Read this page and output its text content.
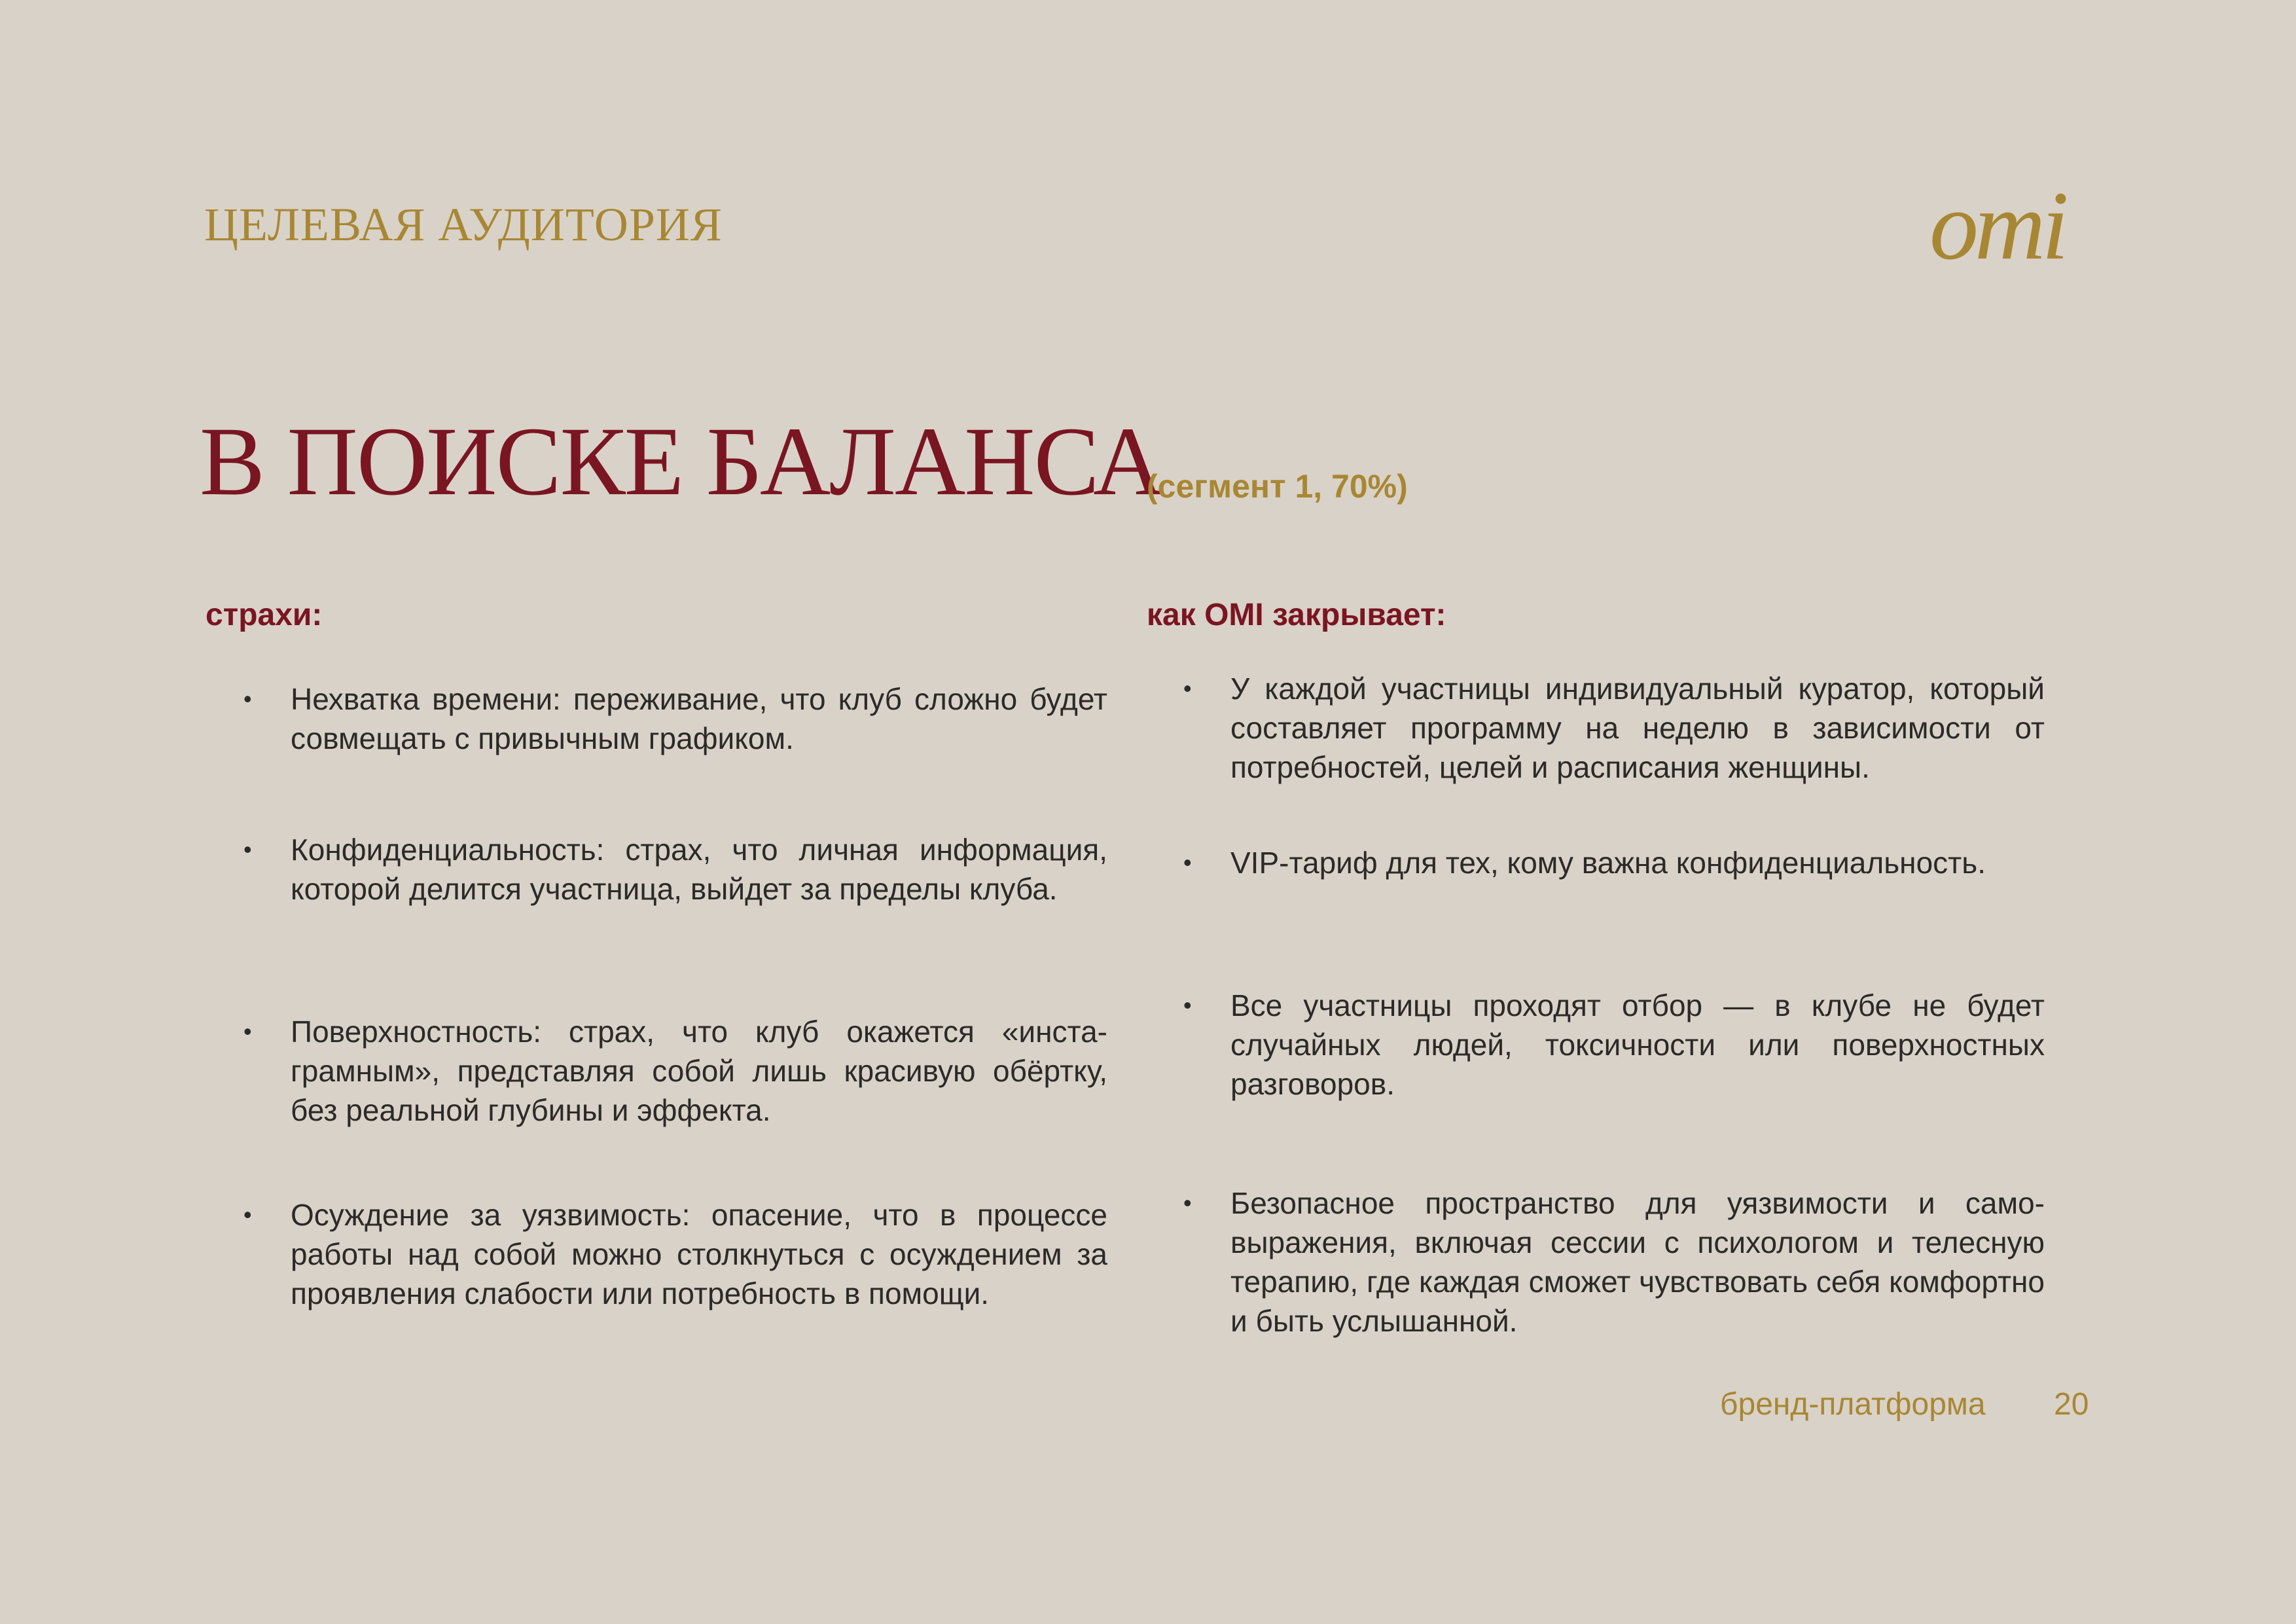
ЦЕЛЕВАЯ АУДИТОРИЯ	omi
В ПОИСКЕ БАЛАНСА
(сегмент 1, 70%)
страхи:	как OMI закрывает:
• Нехватка времени: переживание, что клуб сложно будет совмещать с привычным графиком.
• Конфиденциальность: страх, что личная информация, которой делится участница, выйдет за пределы клуба.
• Поверхностность: страх, что клуб окажется «инстаграмным», представляя собой лишь красивую обёртку, без реальной глубины и эффекта.
• Осуждение за уязвимость: опасение, что в процессе работы над собой можно столкнуться с осуждением за проявления слабости или потребность в помощи.
• У каждой участницы индивидуальный куратор, который составляет программу на неделю в зависимости от потребностей, целей и расписания женщины.
• VIP-тариф для тех, кому важна конфиденциальность.
• Все участницы проходят отбор — в клубе не будет случайных людей, токсичности или поверхностных разговоров.
• Безопасное пространство для уязвимости и самовыражения, включая сессии с психологом и телесную терапию, где каждая сможет чувствовать себя комфортно и быть услышанной.
бренд-платформа 20
